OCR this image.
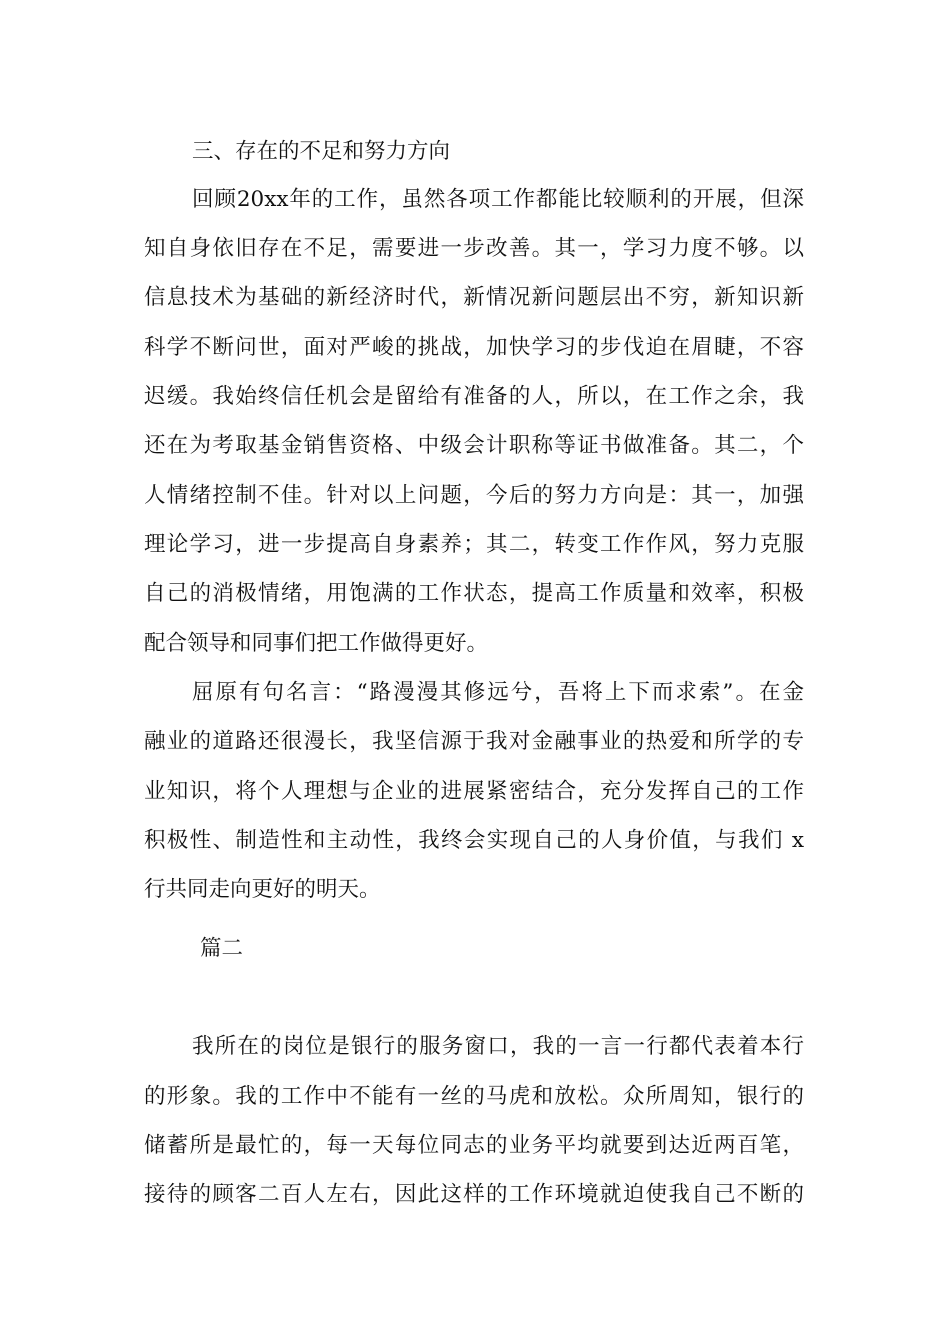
三、存在的不足和努力方向
回顾20xx年的工作，虽然各项工作都能比较顺利的开展，但深
知自身依旧存在不足，需要进一步改善。其一，学习力度不够。以
信息技术为基础的新经济时代，新情况新问题层出不穷，新知识新
科学不断问世，面对严峻的挑战，加快学习的步伐迫在眉睫，不容
迟缓。我始终信任机会是留给有准备的人，所以，在工作之余，我
还在为考取基金销售资格、中级会计职称等证书做准备。其二，个
人情绪控制不佳。针对以上问题，今后的努力方向是：其一，加强
理论学习，进一步提高自身素养；其二，转变工作作风，努力克服
自己的消极情绪，用饱满的工作状态，提高工作质量和效率，积极
配合领导和同事们把工作做得更好。
屈原有句名言：“路漫漫其修远兮，吾将上下而求索”。在金
融业的道路还很漫长，我坚信源于我对金融事业的热爱和所学的专
业知识，将个人理想与企业的进展紧密结合，充分发挥自己的工作
积极性、制造性和主动性，我终会实现自己的人身价值，与我们 x
行共同走向更好的明天。
篇二
我所在的岗位是银行的服务窗口，我的一言一行都代表着本行
的形象。我的工作中不能有一丝的马虎和放松。众所周知，银行的
储蓄所是最忙的，每一天每位同志的业务平均就要到达近两百笔，
接待的顾客二百人左右，因此这样的工作环境就迫使我自己不断的
